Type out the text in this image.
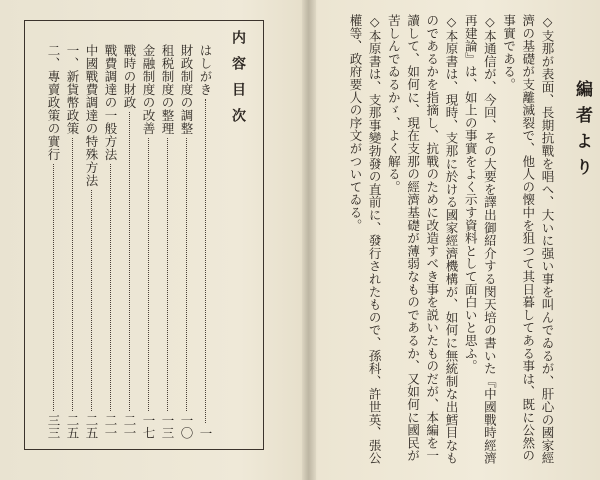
内容目次
はしがき
一
財政制度の調整
一〇
租税制度の整理
一三
金融制度の改善
一七
戰時の財政
二一
戰費調達の一般方法
二一
中國戰費調達の特殊方法
二五
一、新貨幣政策
二五
二、專賣政策の實行
三三
編者より

◇支那が表面、長期抗戰を唱へ、大いに强い事を叫んでゐるが、肝心の國家經濟の基礎が支離滅裂で、他人の懐中を狙つて其日暮してある事は、既に公然の事實である。

◇本通信が、今回、その大要を譯出御紹介する閔天培の書いた『中國戰時經濟再建論』は、如上の事實をよく示す資料として面白いと思ふ。

◇本原書は、現時、支那に於ける國家經濟機構が、如何に無統制な出鱈目なものであるかを指摘し、抗戰のために改造すべき事を説いたものだが、本編を一讀して、如何に、現在支那の經濟基礎が薄弱なものであるか、又如何に國民が苦しんでゐるかゞ、よく解る。

◇本原書は、支那事變勃發の直前に、發行されたもので、孫科、許世英、張公權等、政府要人の序文がついてゐる。
